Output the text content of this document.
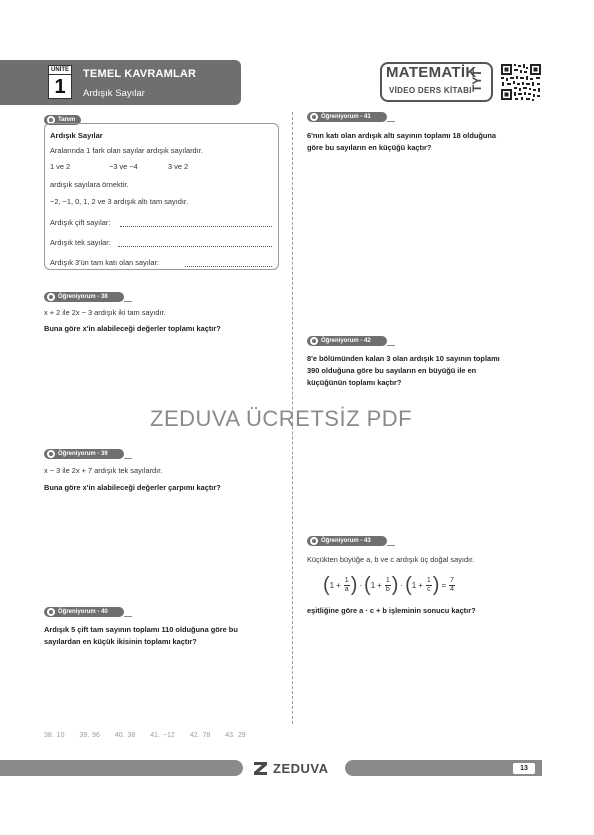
ÜNİTE
1
TEMEL KAVRAMLAR
Ardışık Sayılar
MATEMATİK
TYT
VİDEO DERS KİTABI
Tanım
Ardışık Sayılar
Aralarında 1 fark olan sayılar ardışık sayılardır.
1 ve 2	−3 ve −4	3 ve 2
ardışık sayılara örnektir.
−2, −1, 0, 1, 2 ve 3 ardışık altı tam sayıdır.
Ardışık çift sayılar:
Ardışık tek sayılar:
Ardışık 3'ün tam katı olan sayılar:
Öğreniyorum - 38
x + 2 ile 2x − 3 ardışık iki tam sayıdır.
Buna göre x'in alabileceği değerler toplamı kaçtır?
Öğreniyorum - 39
x − 3 ile 2x + 7 ardışık tek sayılardır.
Buna göre x'in alabileceği değerler çarpımı kaçtır?
Öğreniyorum - 40
Ardışık 5 çift tam sayının toplamı 110 olduğuna göre bu
sayılardan en küçük ikisinin toplamı kaçtır?
Öğreniyorum - 41
6'nın katı olan ardışık altı sayının toplamı 18 olduğuna
göre bu sayıların en küçüğü kaçtır?
Öğreniyorum - 42
8'e bölümünden kalan 3 olan ardışık 10 sayının toplamı
390 olduğuna göre bu sayıların en büyüğü ile en
küçüğünün toplamı kaçtır?
ZEDUVA ÜCRETSİZ PDF
Öğreniyorum - 43
Küçükten büyüğe a, b ve c ardışık üç doğal sayıdır.
( $1 + \frac{1}{a}$ ) · ( $1 + \frac{1}{b}$ ) · ( $1 + \frac{1}{c}$ ) = $\frac{7}{4}$
eşitliğine göre a · c + b işleminin sonucu kaçtır?
38. 10 39. 96 40. 38 41. −12 42. 78 43. 29
ZEDUVA	13
